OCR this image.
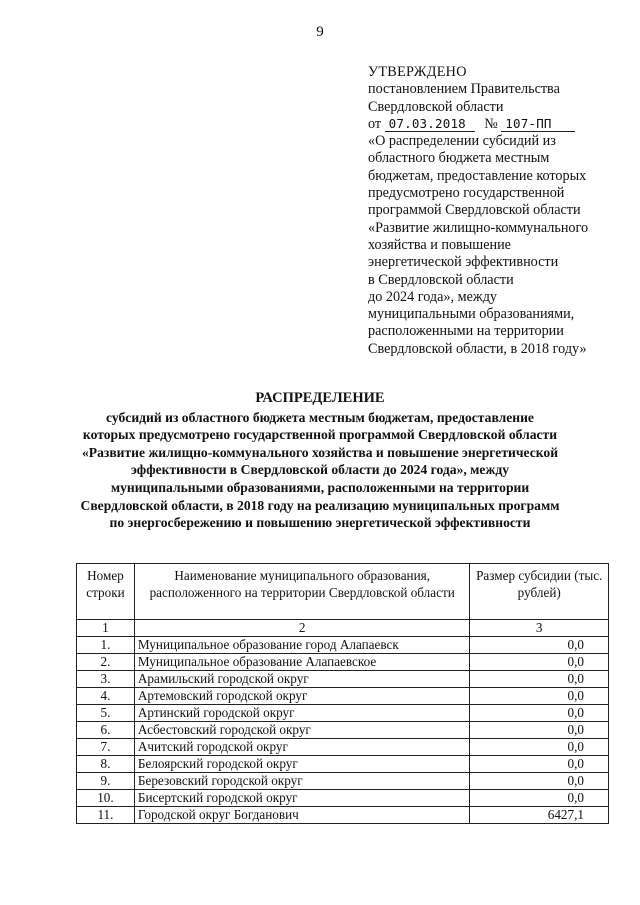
9
УТВЕРЖДЕНО
постановлением Правительства
Свердловской области
от 07.03.2018 № 107-ПП
«О распределении субсидий из
областного бюджета местным
бюджетам, предоставление которых
предусмотрено государственной
программой Свердловской области
«Развитие жилищно-коммунального
хозяйства и повышение
энергетической эффективности
в Свердловской области
до 2024 года», между
муниципальными образованиями,
расположенными на территории
Свердловской области, в 2018 году»
РАСПРЕДЕЛЕНИЕ
субсидий из областного бюджета местным бюджетам, предоставление
которых предусмотрено государственной программой Свердловской области
«Развитие жилищно-коммунального хозяйства и повышение энергетической
эффективности в Свердловской области до 2024 года», между
муниципальными образованиями, расположенными на территории
Свердловской области, в 2018 году на реализацию муниципальных программ
по энергосбережению и повышению энергетической эффективности
Номер строки	Наименование муниципального образования, расположенного на территории Свердловской области	Размер субсидии (тыс. рублей)
1	2	3
1.	Муниципальное образование город Алапаевск	0,0
2.	Муниципальное образование Алапаевское	0,0
3.	Арамильский городской округ	0,0
4.	Артемовский городской округ	0,0
5.	Артинский городской округ	0,0
6.	Асбестовский городской округ	0,0
7.	Ачитский городской округ	0,0
8.	Белоярский городской округ	0,0
9.	Березовский городской округ	0,0
10.	Бисертский городской округ	0,0
11.	Городской округ Богданович	6427,1
